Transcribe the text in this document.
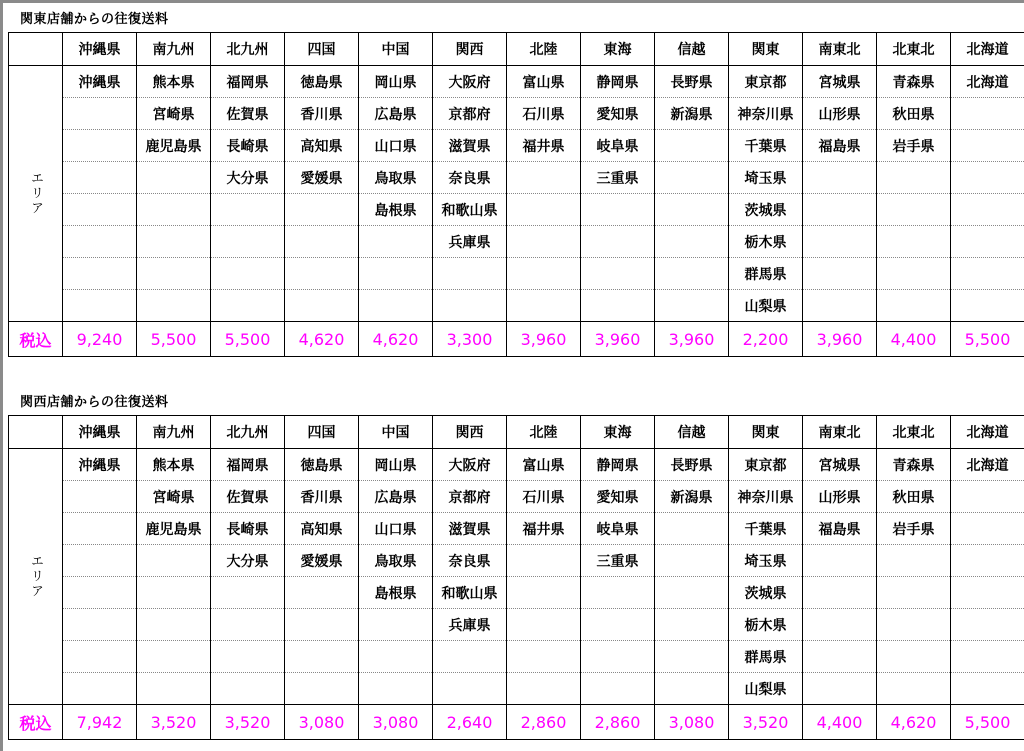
関東店舗からの往復送料
	沖縄県	南九州	北九州	四国	中国	関西	北陸	東海	信越	関東	南東北	北東北	北海道
エリア	沖縄県	熊本県	福岡県	徳島県	岡山県	大阪府	富山県	静岡県	長野県	東京都	宮城県	青森県	北海道
		宮崎県	佐賀県	香川県	広島県	京都府	石川県	愛知県	新潟県	神奈川県	山形県	秋田県	
		鹿児島県	長崎県	高知県	山口県	滋賀県	福井県	岐阜県		千葉県	福島県	岩手県	
			大分県	愛媛県	鳥取県	奈良県		三重県		埼玉県			
					島根県	和歌山県				茨城県			
						兵庫県				栃木県			
										群馬県			
										山梨県			
税込	9,240	5,500	5,500	4,620	4,620	3,300	3,960	3,960	3,960	2,200	3,960	4,400	5,500
関西店舗からの往復送料
	沖縄県	南九州	北九州	四国	中国	関西	北陸	東海	信越	関東	南東北	北東北	北海道
エリア	沖縄県	熊本県	福岡県	徳島県	岡山県	大阪府	富山県	静岡県	長野県	東京都	宮城県	青森県	北海道
		宮崎県	佐賀県	香川県	広島県	京都府	石川県	愛知県	新潟県	神奈川県	山形県	秋田県	
		鹿児島県	長崎県	高知県	山口県	滋賀県	福井県	岐阜県		千葉県	福島県	岩手県	
			大分県	愛媛県	鳥取県	奈良県		三重県		埼玉県			
					島根県	和歌山県				茨城県			
						兵庫県				栃木県			
										群馬県			
										山梨県			
税込	7,942	3,520	3,520	3,080	3,080	2,640	2,860	2,860	3,080	3,520	4,400	4,620	5,500
